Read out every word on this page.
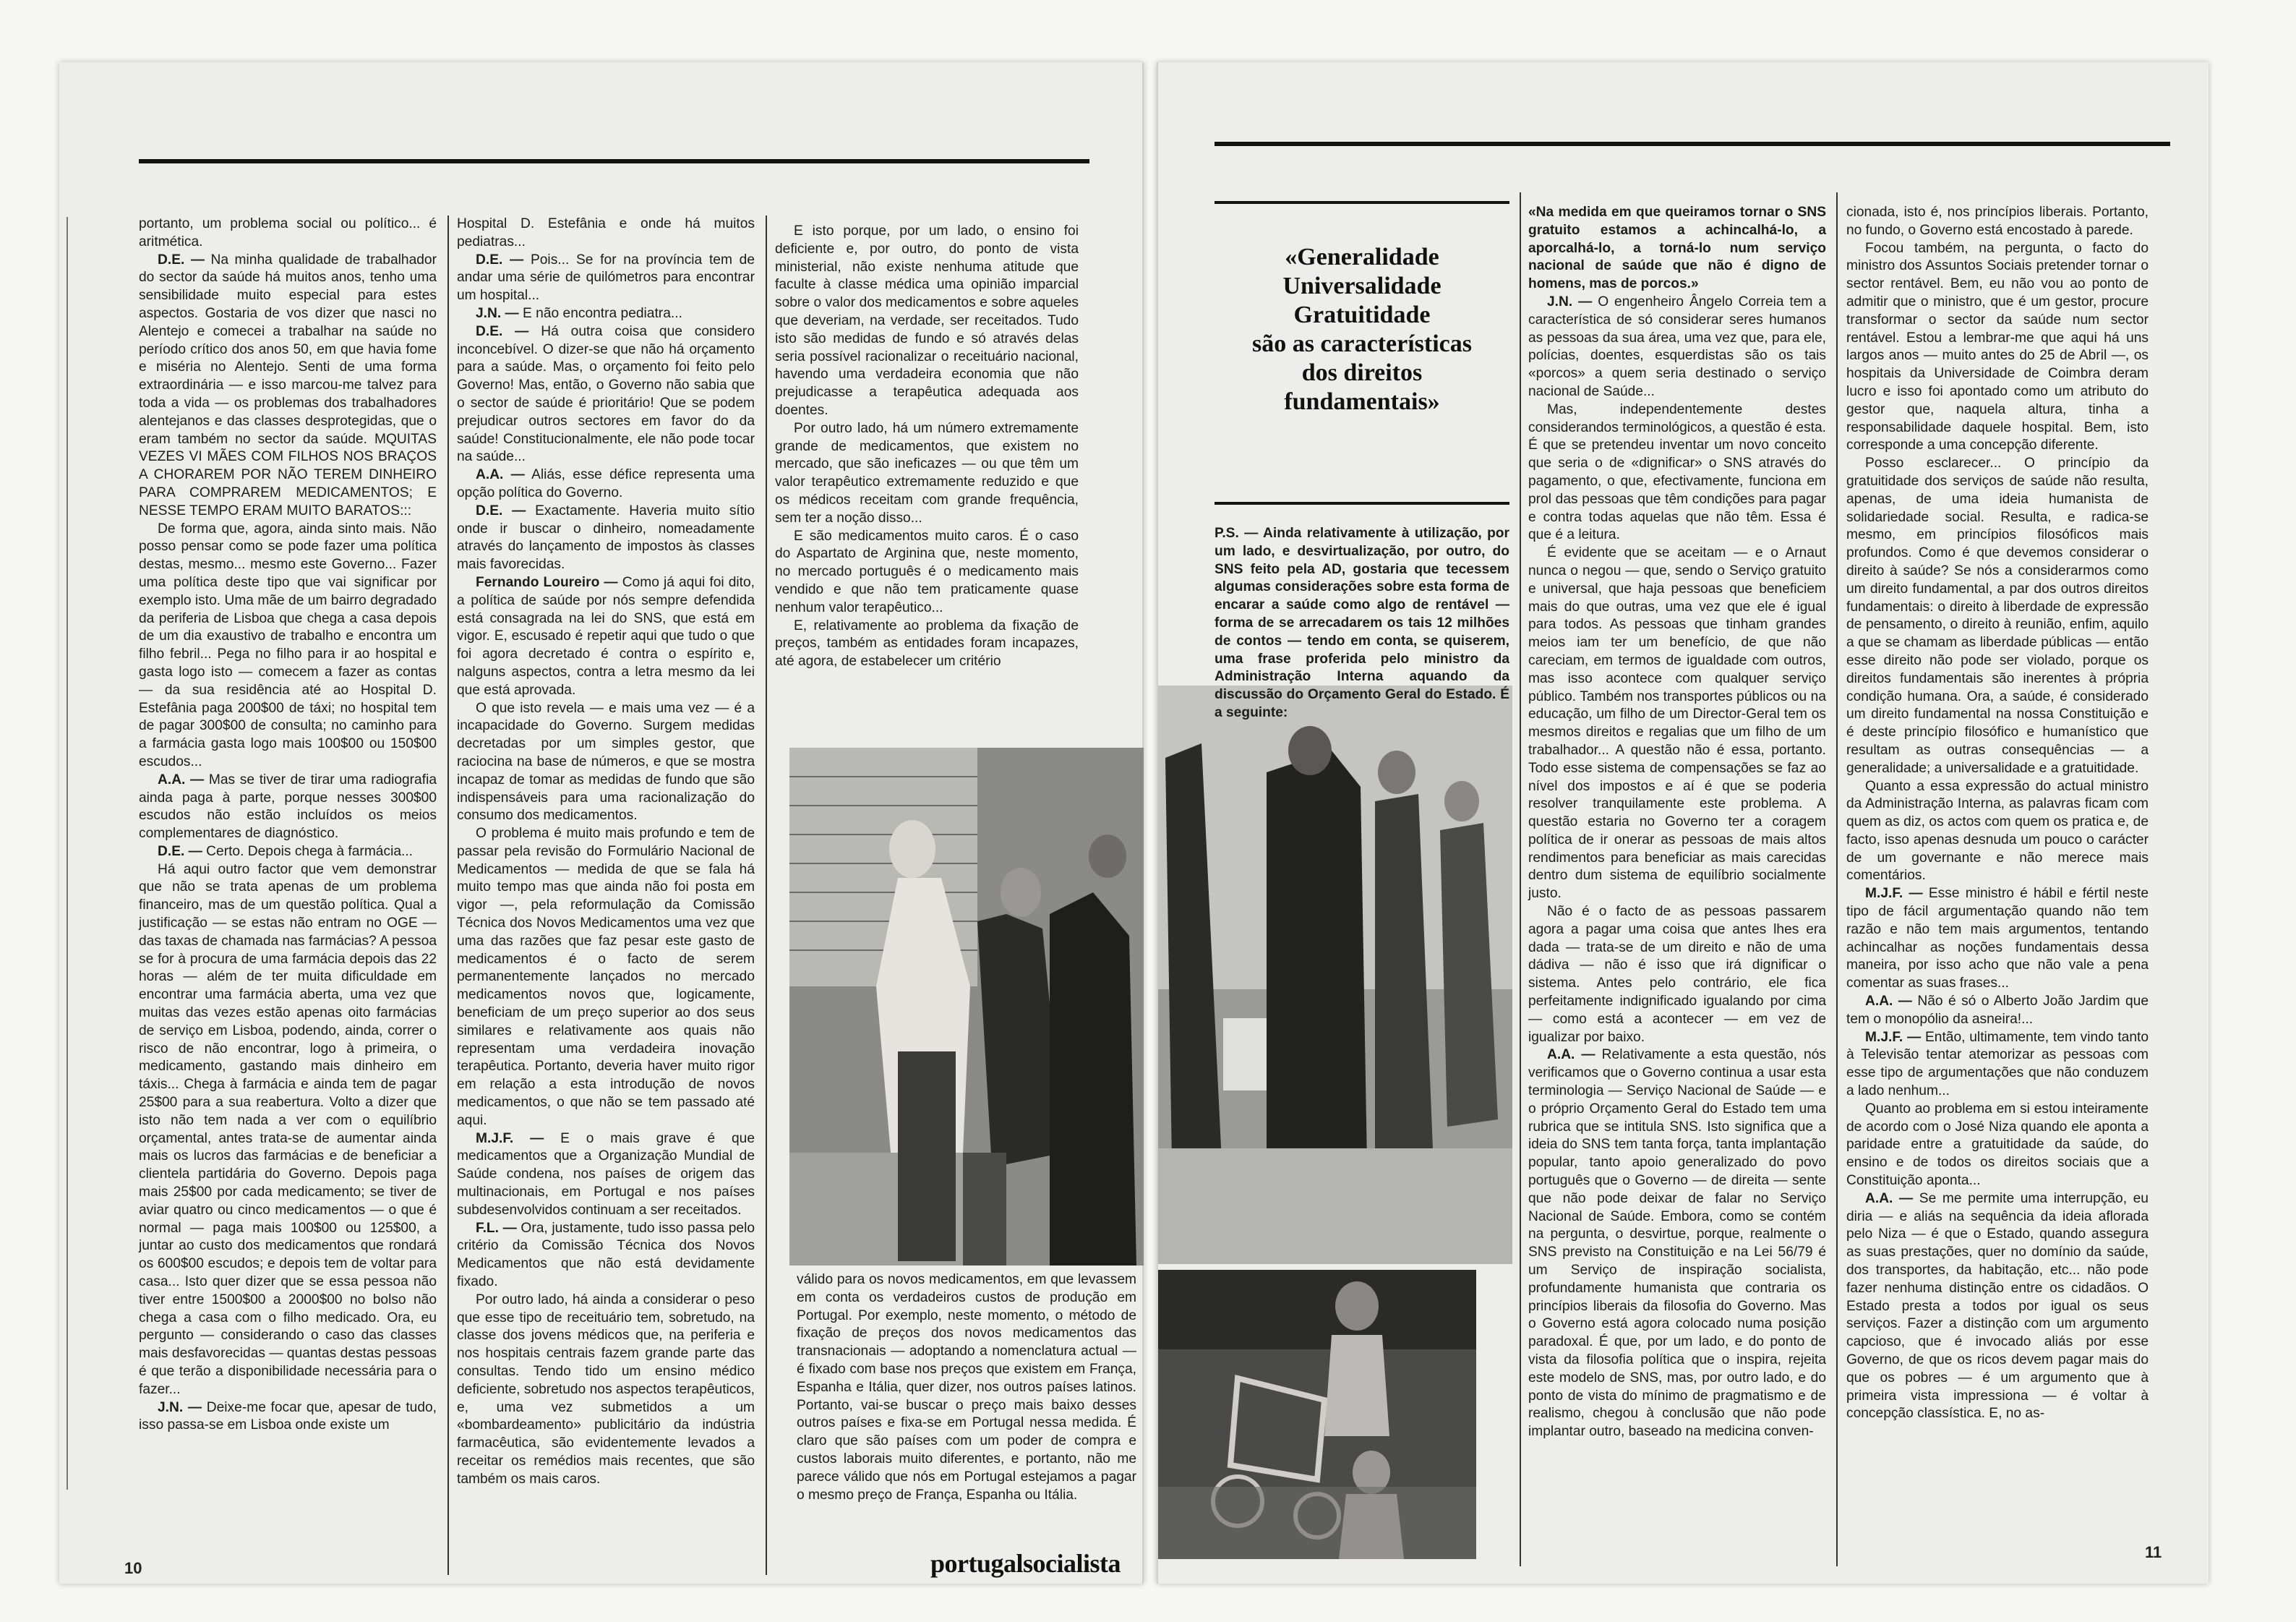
portanto, um problema social ou político... é aritmética.

D.E. — Na minha qualidade de trabalhador do sector da saúde há muitos anos, tenho uma sensibilidade muito especial para estes aspectos. Gostaria de vos dizer que nasci no Alentejo e comecei a trabalhar na saúde no período crítico dos anos 50, em que havia fome e miséria no Alentejo. Senti de uma forma extraordinária — e isso marcou-me talvez para toda a vida — os problemas dos trabalhadores alentejanos e das classes desprotegidas, que o eram também no sector da saúde. MQUITAS VEZES VI MÃES COM FILHOS NOS BRAÇOS A CHORAREM POR NÃO TEREM DINHEIRO PARA COMPRAREM MEDICAMENTOS; E NESSE TEMPO ERAM MUITO BARATOS:::

De forma que, agora, ainda sinto mais. Não posso pensar como se pode fazer uma política destas, mesmo... mesmo este Governo... Fazer uma política deste tipo que vai significar por exemplo isto. Uma mãe de um bairro degradado da periferia de Lisboa que chega a casa depois de um dia exaustivo de trabalho e encontra um filho febril... Pega no filho para ir ao hospital e gasta logo isto — comecem a fazer as contas — da sua residência até ao Hospital D. Estefânia paga 200$00 de táxi; no hospital tem de pagar 300$00 de consulta; no caminho para a farmácia gasta logo mais 100$00 ou 150$00 escudos...

A.A. — Mas se tiver de tirar uma radiografia ainda paga à parte, porque nesses 300$00 escudos não estão incluídos os meios complementares de diagnóstico.

D.E. — Certo. Depois chega à farmácia...

Há aqui outro factor que vem demonstrar que não se trata apenas de um problema financeiro, mas de um questão política. Qual a justificação — se estas não entram no OGE — das taxas de chamada nas farmácias? A pessoa se for à procura de uma farmácia depois das 22 horas — além de ter muita dificuldade em encontrar uma farmácia aberta, uma vez que muitas das vezes estão apenas oito farmácias de serviço em Lisboa, podendo, ainda, correr o risco de não encontrar, logo à primeira, o medicamento, gastando mais dinheiro em táxis... Chega à farmácia e ainda tem de pagar 25$00 para a sua reabertura. Volto a dizer que isto não tem nada a ver com o equilíbrio orçamental, antes trata-se de aumentar ainda mais os lucros das farmácias e de beneficiar a clientela partidária do Governo. Depois paga mais 25$00 por cada medicamento; se tiver de aviar quatro ou cinco medicamentos — o que é normal — paga mais 100$00 ou 125$00, a juntar ao custo dos medicamentos que rondará os 600$00 escudos; e depois tem de voltar para casa... Isto quer dizer que se essa pessoa não tiver entre 1500$00 a 2000$00 no bolso não chega a casa com o filho medicado. Ora, eu pergunto — considerando o caso das classes mais desfavorecidas — quantas destas pessoas é que terão a disponibilidade necessária para o fazer...

J.N. — Deixe-me focar que, apesar de tudo, isso passa-se em Lisboa onde existe um

Hospital D. Estefânia e onde há muitos pediatras...

D.E. — Pois... Se for na província tem de andar uma série de quilómetros para encontrar um hospital...

J.N. — E não encontra pediatra...

D.E. — Há outra coisa que considero inconcebível. O dizer-se que não há orçamento para a saúde. Mas, o orçamento foi feito pelo Governo! Mas, então, o Governo não sabia que o sector de saúde é prioritário! Que se podem prejudicar outros sectores em favor do da saúde! Constitucionalmente, ele não pode tocar na saúde...

A.A. — Aliás, esse défice representa uma opção política do Governo.

D.E. — Exactamente. Haveria muito sítio onde ir buscar o dinheiro, nomeadamente através do lançamento de impostos às classes mais favorecidas.

Fernando Loureiro — Como já aqui foi dito, a política de saúde por nós sempre defendida está consagrada na lei do SNS, que está em vigor. E, escusado é repetir aqui que tudo o que foi agora decretado é contra o espírito e, nalguns aspectos, contra a letra mesmo da lei que está aprovada.

O que isto revela — e mais uma vez — é a incapacidade do Governo. Surgem medidas decretadas por um simples gestor, que raciocina na base de números, e que se mostra incapaz de tomar as medidas de fundo que são indispensáveis para uma racionalização do consumo dos medicamentos.

O problema é muito mais profundo e tem de passar pela revisão do Formulário Nacional de Medicamentos — medida de que se fala há muito tempo mas que ainda não foi posta em vigor —, pela reformulação da Comissão Técnica dos Novos Medicamentos uma vez que uma das razões que faz pesar este gasto de medicamentos é o facto de serem permanentemente lançados no mercado medicamentos novos que, logicamente, beneficiam de um preço superior ao dos seus similares e relativamente aos quais não representam uma verdadeira inovação terapêutica. Portanto, deveria haver muito rigor em relação a esta introdução de novos medicamentos, o que não se tem passado até aqui.

M.J.F. — E o mais grave é que medicamentos que a Organização Mundial de Saúde condena, nos países de origem das multinacionais, em Portugal e nos países subdesenvolvidos continuam a ser receitados.

F.L. — Ora, justamente, tudo isso passa pelo critério da Comissão Técnica dos Novos Medicamentos que não está devidamente fixado.

Por outro lado, há ainda a considerar o peso que esse tipo de receituário tem, sobretudo, na classe dos jovens médicos que, na periferia e nos hospitais centrais fazem grande parte das consultas. Tendo tido um ensino médico deficiente, sobretudo nos aspectos terapêuticos, e, uma vez submetidos a um «bombardeamento» publicitário da indústria farmacêutica, são evidentemente levados a receitar os remédios mais recentes, que são também os mais caros.

E isto porque, por um lado, o ensino foi deficiente e, por outro, do ponto de vista ministerial, não existe nenhuma atitude que faculte à classe médica uma opinião imparcial sobre o valor dos medicamentos e sobre aqueles que deveriam, na verdade, ser receitados. Tudo isto são medidas de fundo e só através delas seria possível racionalizar o receituário nacional, havendo uma verdadeira economia que não prejudicasse a terapêutica adequada aos doentes.

Por outro lado, há um número extremamente grande de medicamentos, que existem no mercado, que são ineficazes — ou que têm um valor terapêutico extremamente reduzido e que os médicos receitam com grande frequência, sem ter a noção disso...

E são medicamentos muito caros. É o caso do Aspartato de Arginina que, neste momento, no mercado português é o medicamento mais vendido e que não tem praticamente quase nenhum valor terapêutico...

E, relativamente ao problema da fixação de preços, também as entidades foram incapazes, até agora, de estabelecer um critério

válido para os novos medicamentos, em que levassem em conta os verdadeiros custos de produção em Portugal. Por exemplo, neste momento, o método de fixação de preços dos novos medicamentos das transnacionais — adoptando a nomenclatura actual — é fixado com base nos preços que existem em França, Espanha e Itália, quer dizer, nos outros países latinos. Portanto, vai-se buscar o preço mais baixo desses outros países e fixa-se em Portugal nessa medida. É claro que são países com um poder de compra e custos laborais muito diferentes, e portanto, não me parece válido que nós em Portugal estejamos a pagar o mesmo preço de França, Espanha ou Itália.

10	portugalsocialista
«Generalidade
Universalidade
Gratuitidade
são as características
dos direitos
fundamentais»

P.S. — Ainda relativamente à utilização, por um lado, e desvirtualização, por outro, do SNS feito pela AD, gostaria que tecessem algumas considerações sobre esta forma de encarar a saúde como algo de rentável — forma de se arrecadarem os tais 12 milhões de contos — tendo em conta, se quiserem, uma frase proferida pelo ministro da Administração Interna aquando da discussão do Orçamento Geral do Estado. É a seguinte:

«Na medida em que queiramos tornar o SNS gratuito estamos a achincalhá-lo, a aporcalhá-lo, a torná-lo num serviço nacional de saúde que não é digno de homens, mas de porcos.»

J.N. — O engenheiro Ângelo Correia tem a característica de só considerar seres humanos as pessoas da sua área, uma vez que, para ele, polícias, doentes, esquerdistas são os tais «porcos» a quem seria destinado o serviço nacional de Saúde...

Mas, independentemente destes considerandos terminológicos, a questão é esta. É que se pretendeu inventar um novo conceito que seria o de «dignificar» o SNS através do pagamento, o que, efectivamente, funciona em prol das pessoas que têm condições para pagar e contra todas aquelas que não têm. Essa é que é a leitura.

É evidente que se aceitam — e o Arnaut nunca o negou — que, sendo o Serviço gratuito e universal, que haja pessoas que beneficiem mais do que outras, uma vez que ele é igual para todos. As pessoas que tinham grandes meios iam ter um benefício, de que não careciam, em termos de igualdade com outros, mas isso acontece com qualquer serviço público. Também nos transportes públicos ou na educação, um filho de um Director-Geral tem os mesmos direitos e regalias que um filho de um trabalhador... A questão não é essa, portanto. Todo esse sistema de compensações se faz ao nível dos impostos e aí é que se poderia resolver tranquilamente este problema. A questão estaria no Governo ter a coragem política de ir onerar as pessoas de mais altos rendimentos para beneficiar as mais carecidas dentro dum sistema de equilíbrio socialmente justo.

Não é o facto de as pessoas passarem agora a pagar uma coisa que antes lhes era dada — trata-se de um direito e não de uma dádiva — não é isso que irá dignificar o sistema. Antes pelo contrário, ele fica perfeitamente indignificado igualando por cima — como está a acontecer — em vez de igualizar por baixo.

A.A. — Relativamente a esta questão, nós verificamos que o Governo continua a usar esta terminologia — Serviço Nacional de Saúde — e o próprio Orçamento Geral do Estado tem uma rubrica que se intitula SNS. Isto significa que a ideia do SNS tem tanta força, tanta implantação popular, tanto apoio generalizado do povo português que o Governo — de direita — sente que não pode deixar de falar no Serviço Nacional de Saúde. Embora, como se contém na pergunta, o desvirtue, porque, realmente o SNS previsto na Constituição e na Lei 56/79 é um Serviço de inspiração socialista, profundamente humanista que contraria os princípios liberais da filosofia do Governo. Mas o Governo está agora colocado numa posição paradoxal. É que, por um lado, e do ponto de vista da filosofia política que o inspira, rejeita este modelo de SNS, mas, por outro lado, e do ponto de vista do mínimo de pragmatismo e de realismo, chegou à conclusão que não pode implantar outro, baseado na medicina conven-

cionada, isto é, nos princípios liberais. Portanto, no fundo, o Governo está encostado à parede.

Focou também, na pergunta, o facto do ministro dos Assuntos Sociais pretender tornar o sector rentável. Bem, eu não vou ao ponto de admitir que o ministro, que é um gestor, procure transformar o sector da saúde num sector rentável. Estou a lembrar-me que aqui há uns largos anos — muito antes do 25 de Abril —, os hospitais da Universidade de Coimbra deram lucro e isso foi apontado como um atributo do gestor que, naquela altura, tinha a responsabilidade daquele hospital. Bem, isto corresponde a uma concepção diferente.

Posso esclarecer... O princípio da gratuitidade dos serviços de saúde não resulta, apenas, de uma ideia humanista de solidariedade social. Resulta, e radica-se mesmo, em princípios filosóficos mais profundos. Como é que devemos considerar o direito à saúde? Se nós a considerarmos como um direito fundamental, a par dos outros direitos fundamentais: o direito à liberdade de expressão de pensamento, o direito à reunião, enfim, aquilo a que se chamam as liberdade públicas — então esse direito não pode ser violado, porque os direitos fundamentais são inerentes à própria condição humana. Ora, a saúde, é considerado um direito fundamental na nossa Constituição e é deste princípio filosófico e humanístico que resultam as outras consequências — a generalidade; a universalidade e a gratuitidade.

Quanto a essa expressão do actual ministro da Administração Interna, as palavras ficam com quem as diz, os actos com quem os pratica e, de facto, isso apenas desnuda um pouco o carácter de um governante e não merece mais comentários.

M.J.F. — Esse ministro é hábil e fértil neste tipo de fácil argumentação quando não tem razão e não tem mais argumentos, tentando achincalhar as noções fundamentais dessa maneira, por isso acho que não vale a pena comentar as suas frases...

A.A. — Não é só o Alberto João Jardim que tem o monopólio da asneira!...

M.J.F. — Então, ultimamente, tem vindo tanto à Televisão tentar atemorizar as pessoas com esse tipo de argumentações que não conduzem a lado nenhum...

Quanto ao problema em si estou inteiramente de acordo com o José Niza quando ele aponta a paridade entre a gratuitidade da saúde, do ensino e de todos os direitos sociais que a Constituição aponta...

A.A. — Se me permite uma interrupção, eu diria — e aliás na sequência da ideia aflorada pelo Niza — é que o Estado, quando assegura as suas prestações, quer no domínio da saúde, dos transportes, da habitação, etc... não pode fazer nenhuma distinção entre os cidadãos. O Estado presta a todos por igual os seus serviços. Fazer a distinção com um argumento capcioso, que é invocado aliás por esse Governo, de que os ricos devem pagar mais do que os pobres — é um argumento que à primeira vista impressiona — é voltar à concepção classística. E, no as-

11
